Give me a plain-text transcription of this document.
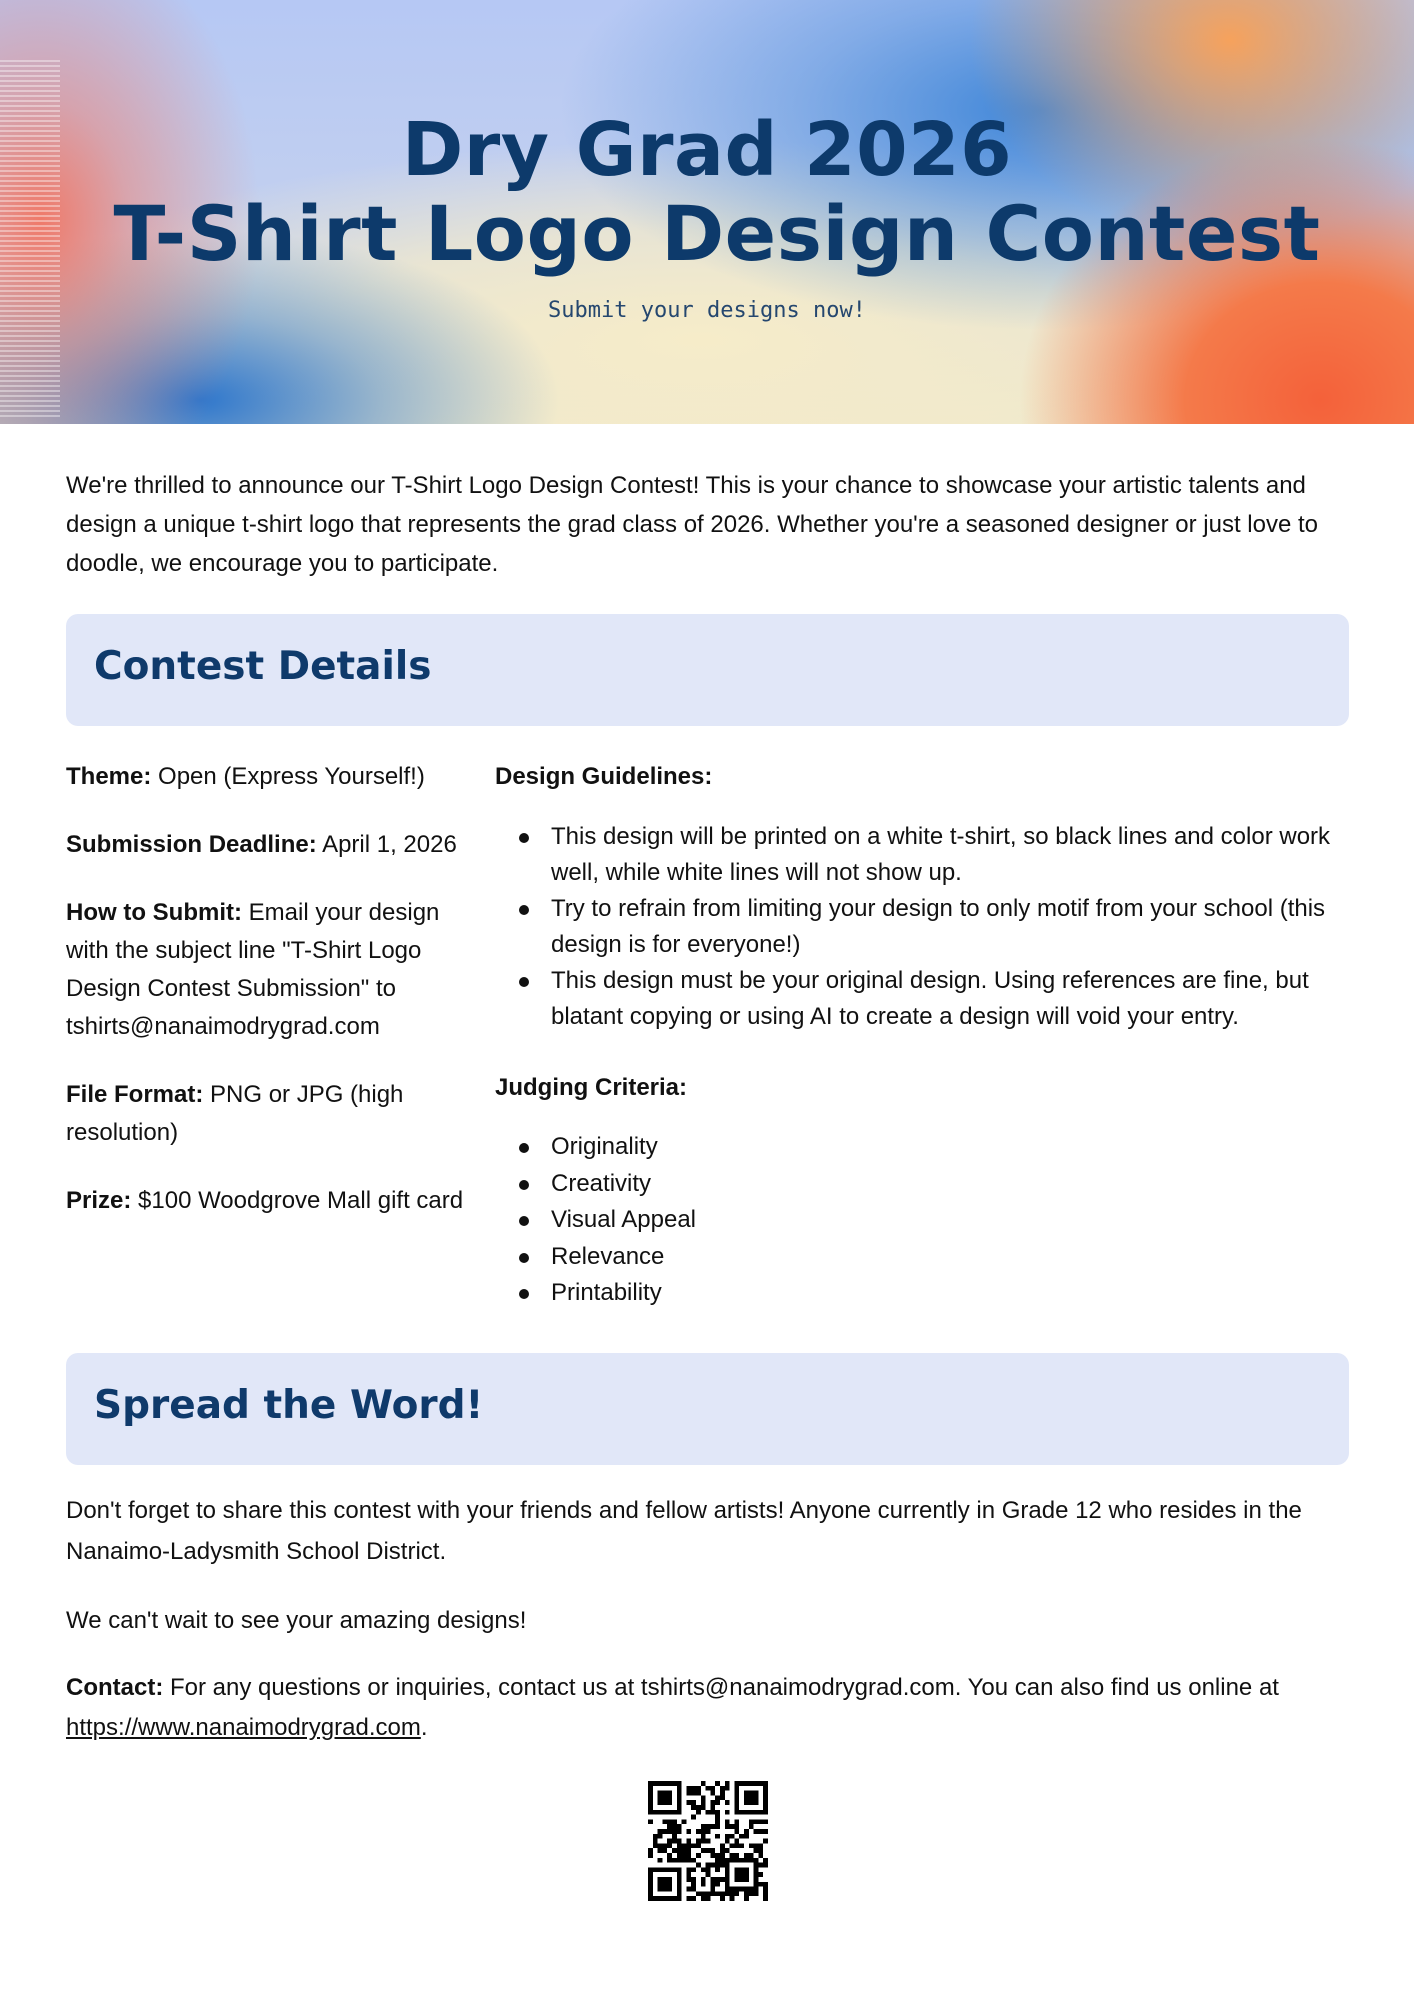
Dry Grad 2026
T-Shirt Logo Design Contest
Submit your designs now!

We're thrilled to announce our T-Shirt Logo Design Contest! This is your chance to showcase your artistic talents and design a unique t-shirt logo that represents the grad class of 2026. Whether you're a seasoned designer or just love to doodle, we encourage you to participate.

Contest Details

Theme: Open (Express Yourself!)

Submission Deadline: April 1, 2026

How to Submit: Email your design with the subject line "T-Shirt Logo Design Contest Submission" to tshirts@nanaimodrygrad.com

File Format: PNG or JPG (high resolution)

Prize: $100 Woodgrove Mall gift card

Design Guidelines:

This design will be printed on a white t-shirt, so black lines and color work well, while white lines will not show up.
Try to refrain from limiting your design to only motif from your school (this design is for everyone!)
This design must be your original design. Using references are fine, but blatant copying or using AI to create a design will void your entry.

Judging Criteria:

Originality
Creativity
Visual Appeal
Relevance
Printability
Spread the Word!

Don't forget to share this contest with your friends and fellow artists! Anyone currently in Grade 12 who resides in the Nanaimo-Ladysmith School District.

We can't wait to see your amazing designs!

Contact: For any questions or inquiries, contact us at tshirts@nanaimodrygrad.com. You can also find us online at https://www.nanaimodrygrad.com.
